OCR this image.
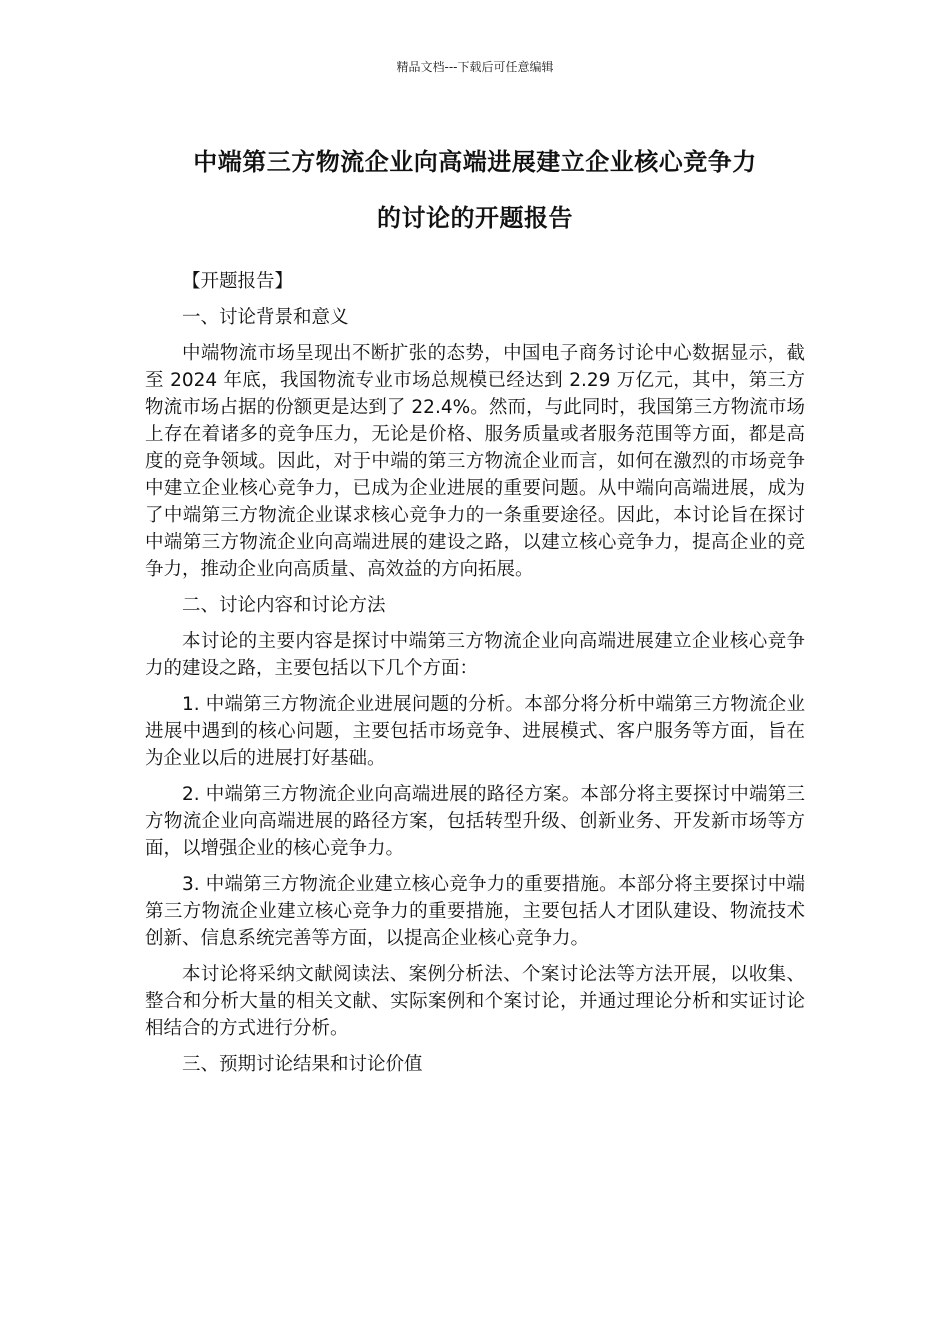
精品文档---下载后可任意编辑
中端第三方物流企业向高端进展建立企业核心竞争力
的讨论的开题报告

【开题报告】

一、讨论背景和意义

中端物流市场呈现出不断扩张的态势，中国电子商务讨论中心数据显示，截至 2024 年底，我国物流专业市场总规模已经达到 2.29 万亿元，其中，第三方物流市场占据的份额更是达到了 22.4%。然而，与此同时，我国第三方物流市场上存在着诸多的竞争压力，无论是价格、服务质量或者服务范围等方面，都是高度的竞争领域。因此，对于中端的第三方物流企业而言，如何在激烈的市场竞争中建立企业核心竞争力，已成为企业进展的重要问题。从中端向高端进展，成为了中端第三方物流企业谋求核心竞争力的一条重要途径。因此，本讨论旨在探讨中端第三方物流企业向高端进展的建设之路，以建立核心竞争力，提高企业的竞争力，推动企业向高质量、高效益的方向拓展。

二、讨论内容和讨论方法

本讨论的主要内容是探讨中端第三方物流企业向高端进展建立企业核心竞争力的建设之路，主要包括以下几个方面：

1. 中端第三方物流企业进展问题的分析。本部分将分析中端第三方物流企业进展中遇到的核心问题，主要包括市场竞争、进展模式、客户服务等方面，旨在为企业以后的进展打好基础。

2. 中端第三方物流企业向高端进展的路径方案。本部分将主要探讨中端第三方物流企业向高端进展的路径方案，包括转型升级、创新业务、开发新市场等方面，以增强企业的核心竞争力。

3. 中端第三方物流企业建立核心竞争力的重要措施。本部分将主要探讨中端第三方物流企业建立核心竞争力的重要措施，主要包括人才团队建设、物流技术创新、信息系统完善等方面，以提高企业核心竞争力。

本讨论将采纳文献阅读法、案例分析法、个案讨论法等方法开展，以收集、整合和分析大量的相关文献、实际案例和个案讨论，并通过理论分析和实证讨论相结合的方式进行分析。

三、预期讨论结果和讨论价值
